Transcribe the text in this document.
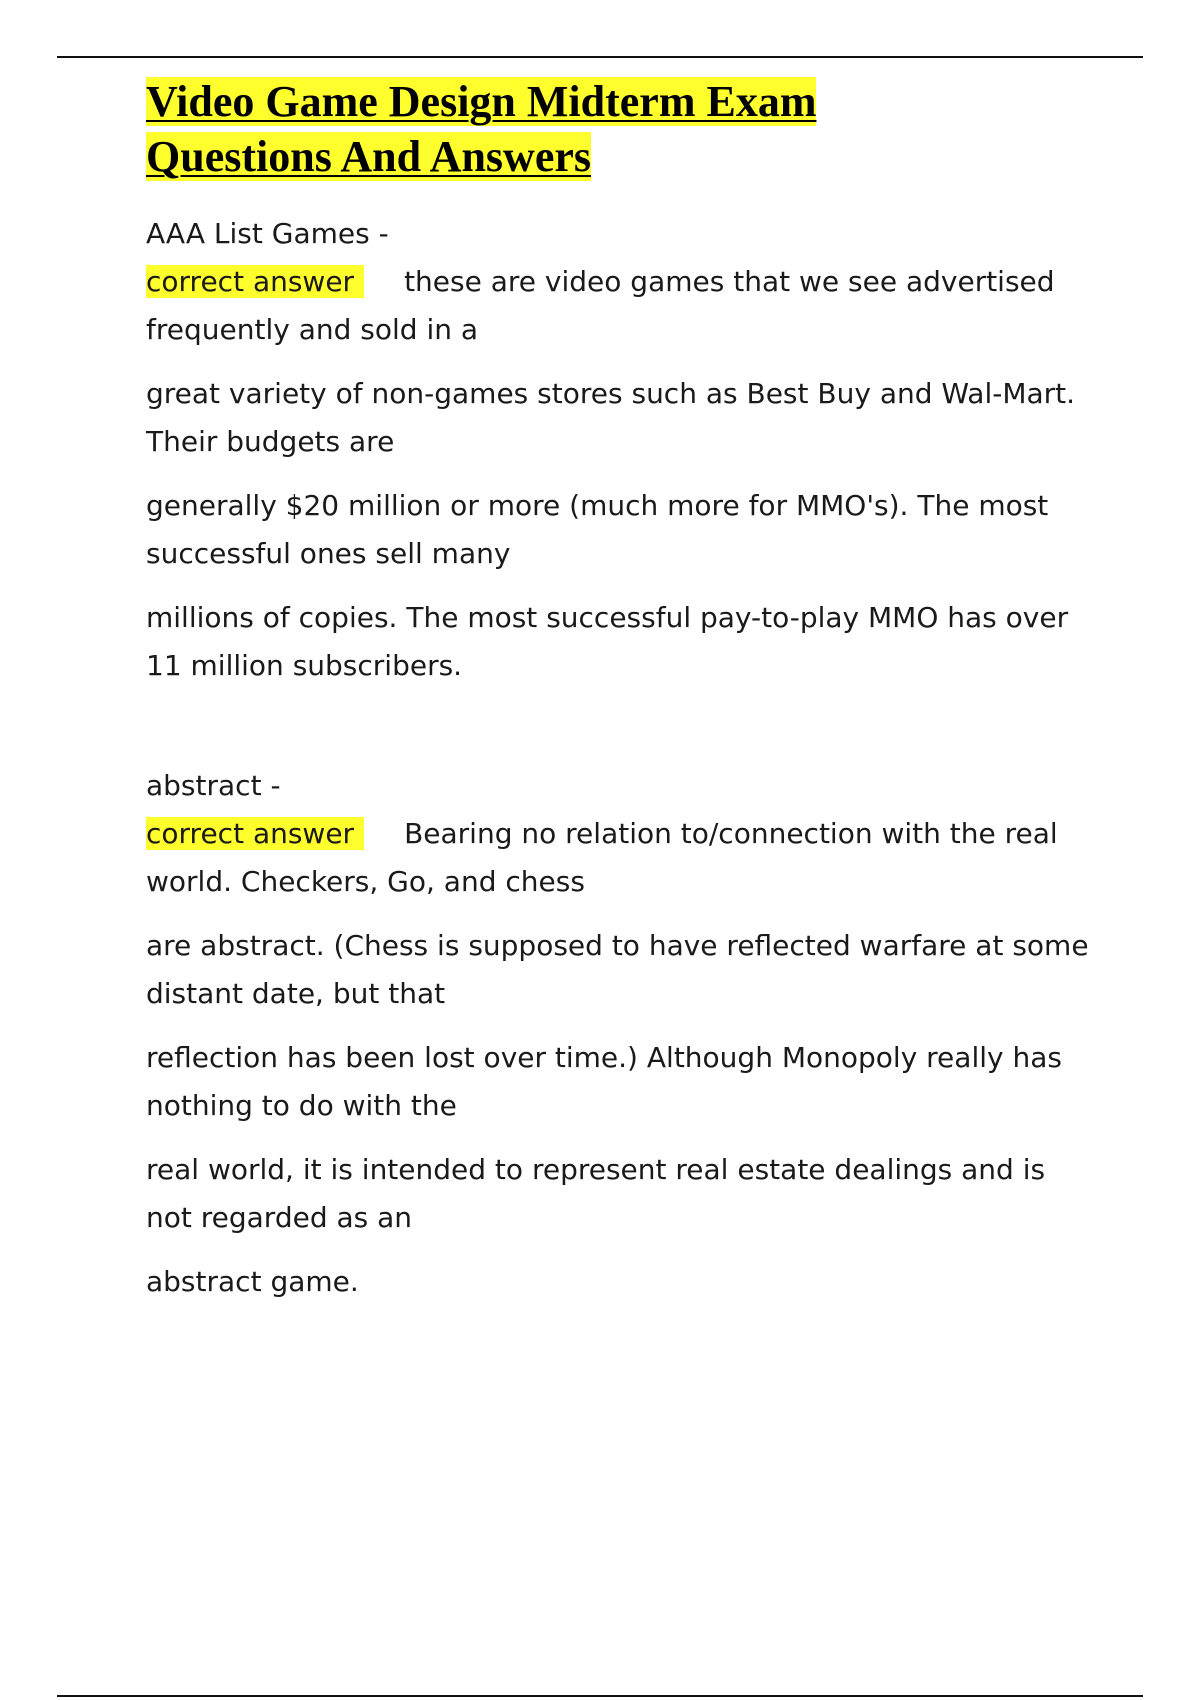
Video Game Design Midterm Exam
Questions And Answers

AAA List Games -

correct answer these are video games that we see advertised frequently and sold in a

great variety of non-games stores such as Best Buy and Wal-Mart. Their budgets are

generally $20 million or more (much more for MMO's). The most successful ones sell many

millions of copies. The most successful pay-to-play MMO has over 11 million subscribers.

abstract -

correct answer Bearing no relation to/connection with the real world. Checkers, Go, and chess

are abstract. (Chess is supposed to have reflected warfare at some distant date, but that

reflection has been lost over time.) Although Monopoly really has nothing to do with the

real world, it is intended to represent real estate dealings and is not regarded as an

abstract game.
